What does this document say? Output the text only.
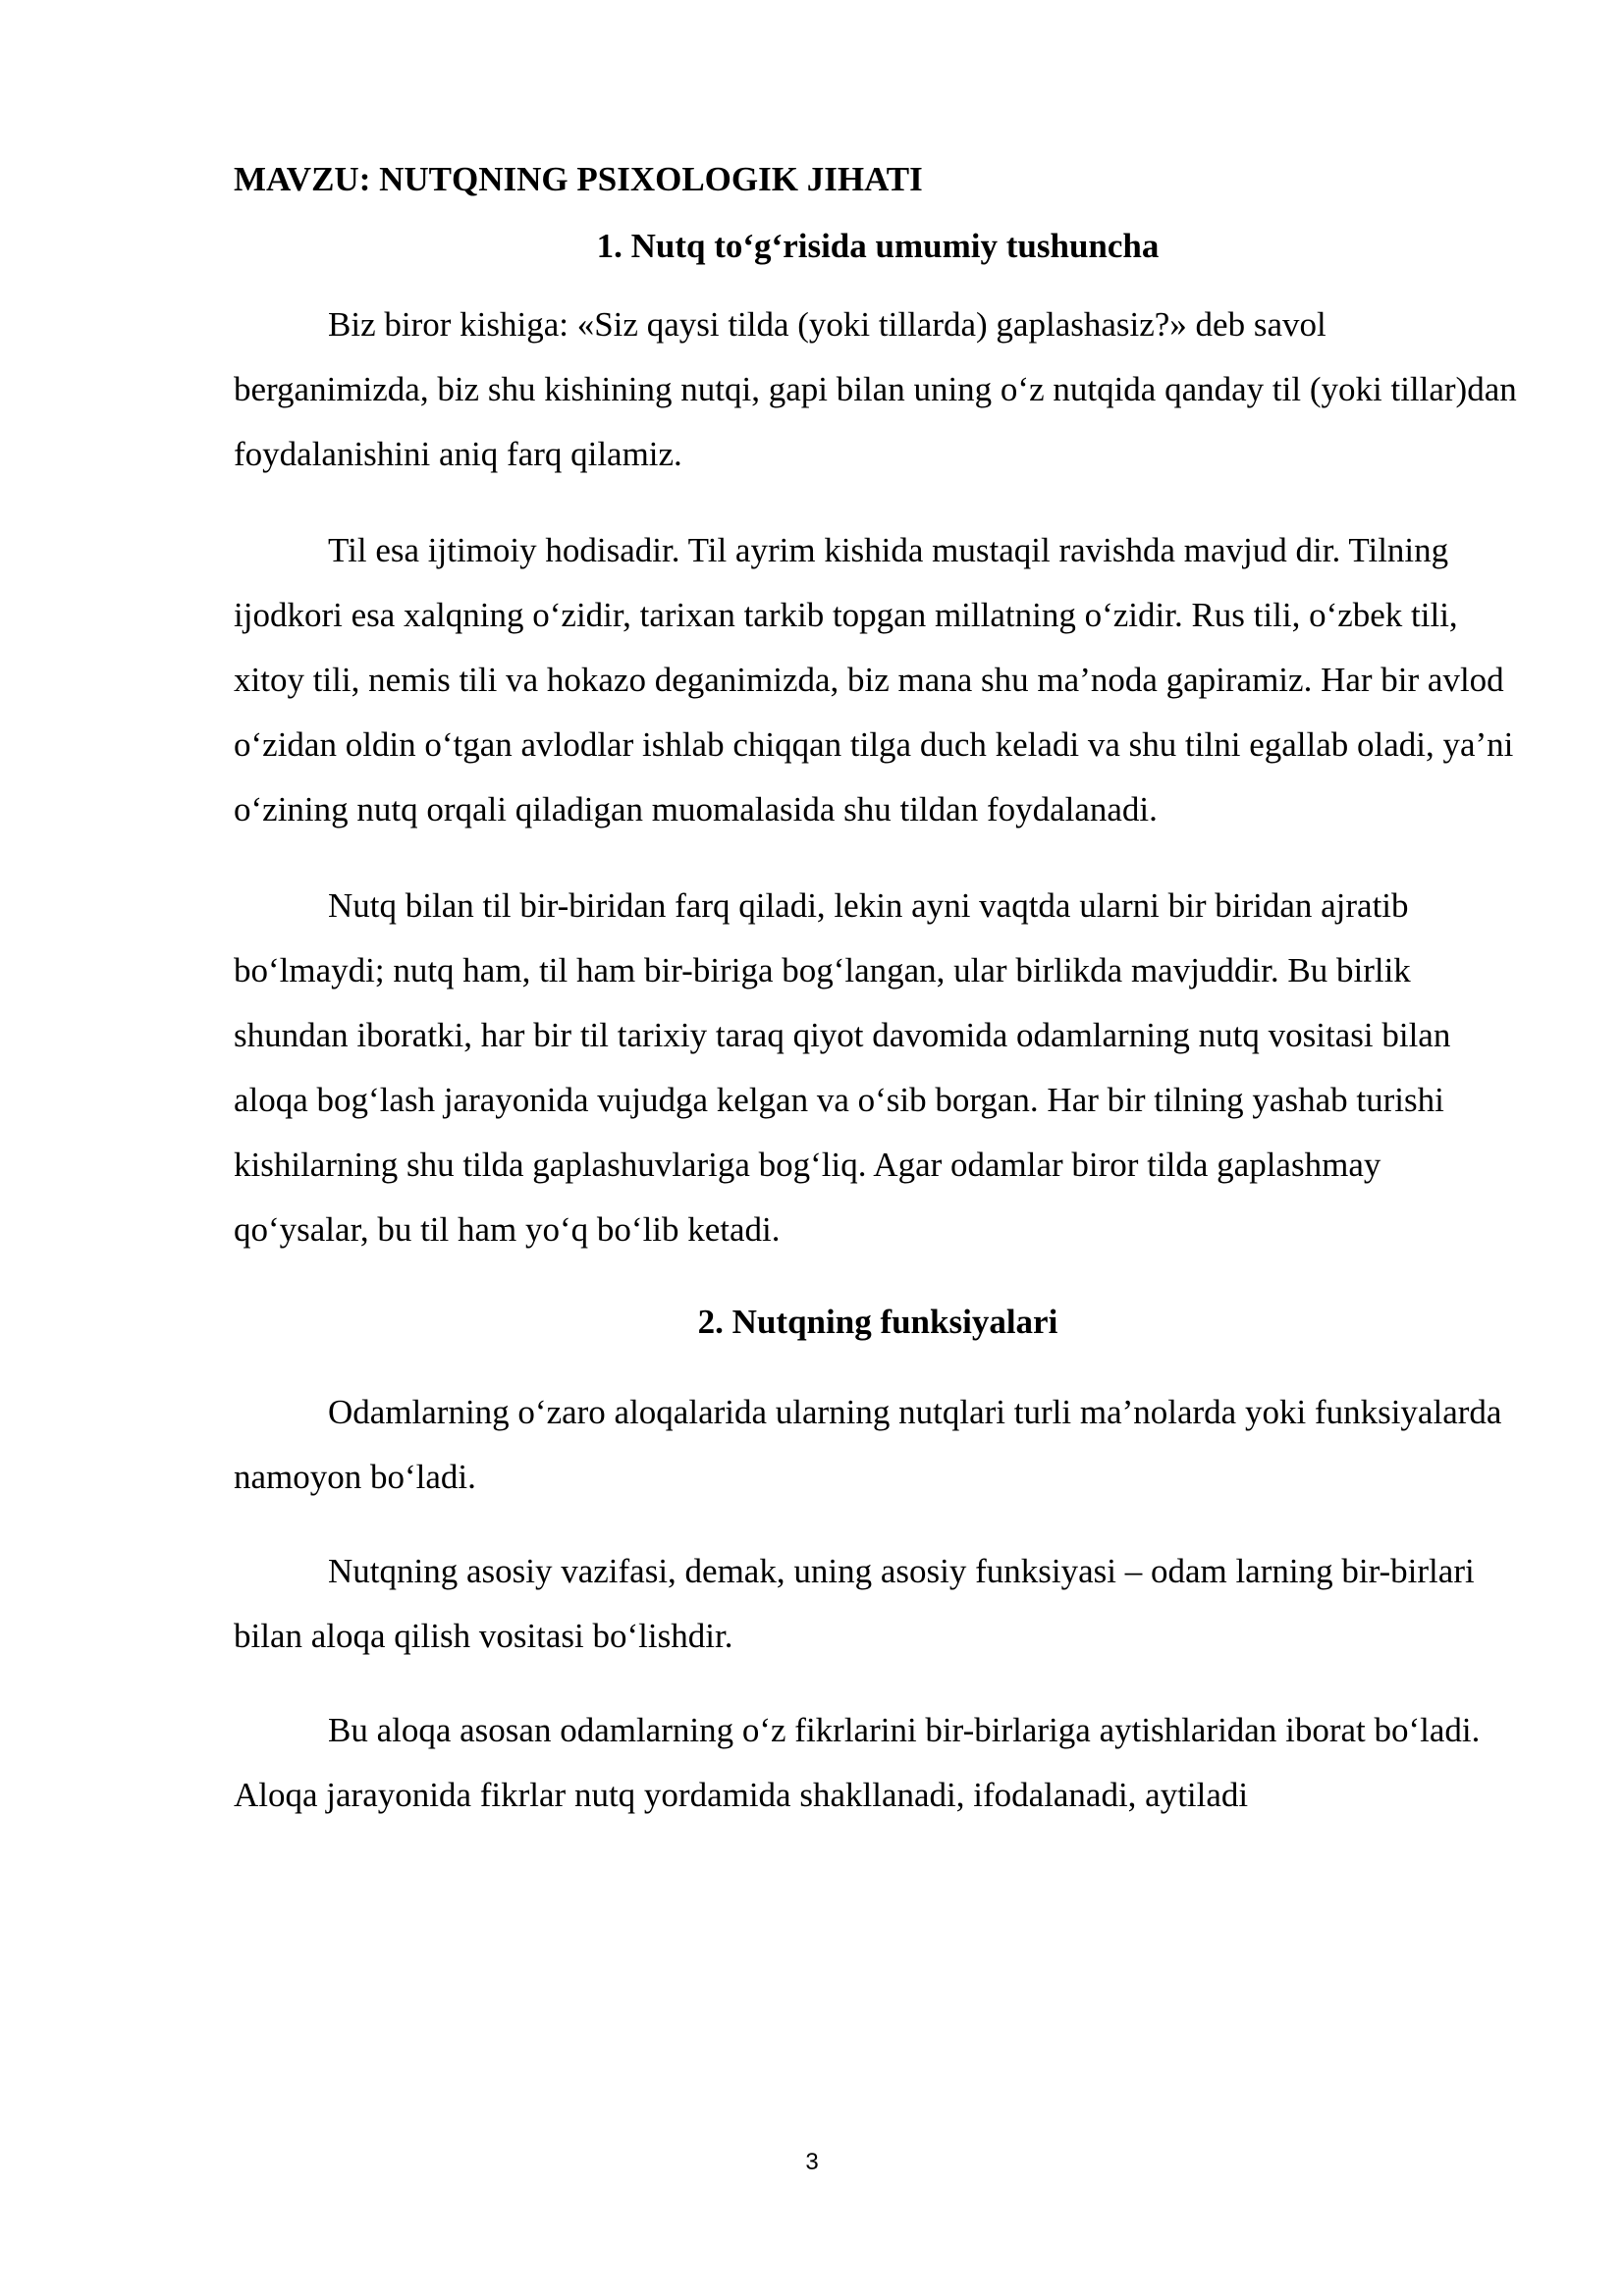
MAVZU: NUTQNING PSIXOLOGIK JIHATI

1. Nutq to‘g‘risida umumiy tushuncha

Biz biror kishiga: «Siz qaysi tilda (yoki tillarda) gaplashasiz?» deb savol berganimizda, biz shu kishining nutqi, gapi bilan uning o‘z nutqida qanday til (yoki tillar)dan foydalanishini aniq farq qilamiz.

Til esa ijtimoiy hodisadir. Til ayrim kishida mustaqil ravishda mavjud dir. Tilning ijodkori esa xalqning o‘zidir, tarixan tarkib topgan millatning o‘zidir. Rus tili, o‘zbek tili, xitoy tili, nemis tili va hokazo deganimizda, biz mana shu ma’noda gapiramiz. Har bir avlod o‘zidan oldin o‘tgan avlodlar ishlab chiqqan tilga duch keladi va shu tilni egallab oladi, ya’ni o‘zining nutq orqali qiladigan muomalasida shu tildan foydalanadi.

Nutq bilan til bir-biridan farq qiladi, lekin ayni vaqtda ularni bir biridan ajratib bo‘lmaydi; nutq ham, til ham bir-biriga bog‘langan, ular birlikda mavjuddir. Bu birlik shundan iboratki, har bir til tarixiy taraq qiyot davomida odamlarning nutq vositasi bilan aloqa bog‘lash jarayonida vujudga kelgan va o‘sib borgan. Har bir tilning yashab turishi kishilarning shu tilda gaplashuvlariga bog‘liq. Agar odamlar biror tilda gaplashmay qo‘ysalar, bu til ham yo‘q bo‘lib ketadi.

2. Nutqning funksiyalari

Odamlarning o‘zaro aloqalarida ularning nutqlari turli ma’nolarda yoki funksiyalarda namoyon bo‘ladi.

Nutqning asosiy vazifasi, demak, uning asosiy funksiyasi – odam larning bir-birlari bilan aloqa qilish vositasi bo‘lishdir.

Bu aloqa asosan odamlarning o‘z fikrlarini bir-birlariga aytishlaridan iborat bo‘ladi. Aloqa jarayonida fikrlar nutq yordamida shakllanadi, ifodalanadi, aytiladi

3
